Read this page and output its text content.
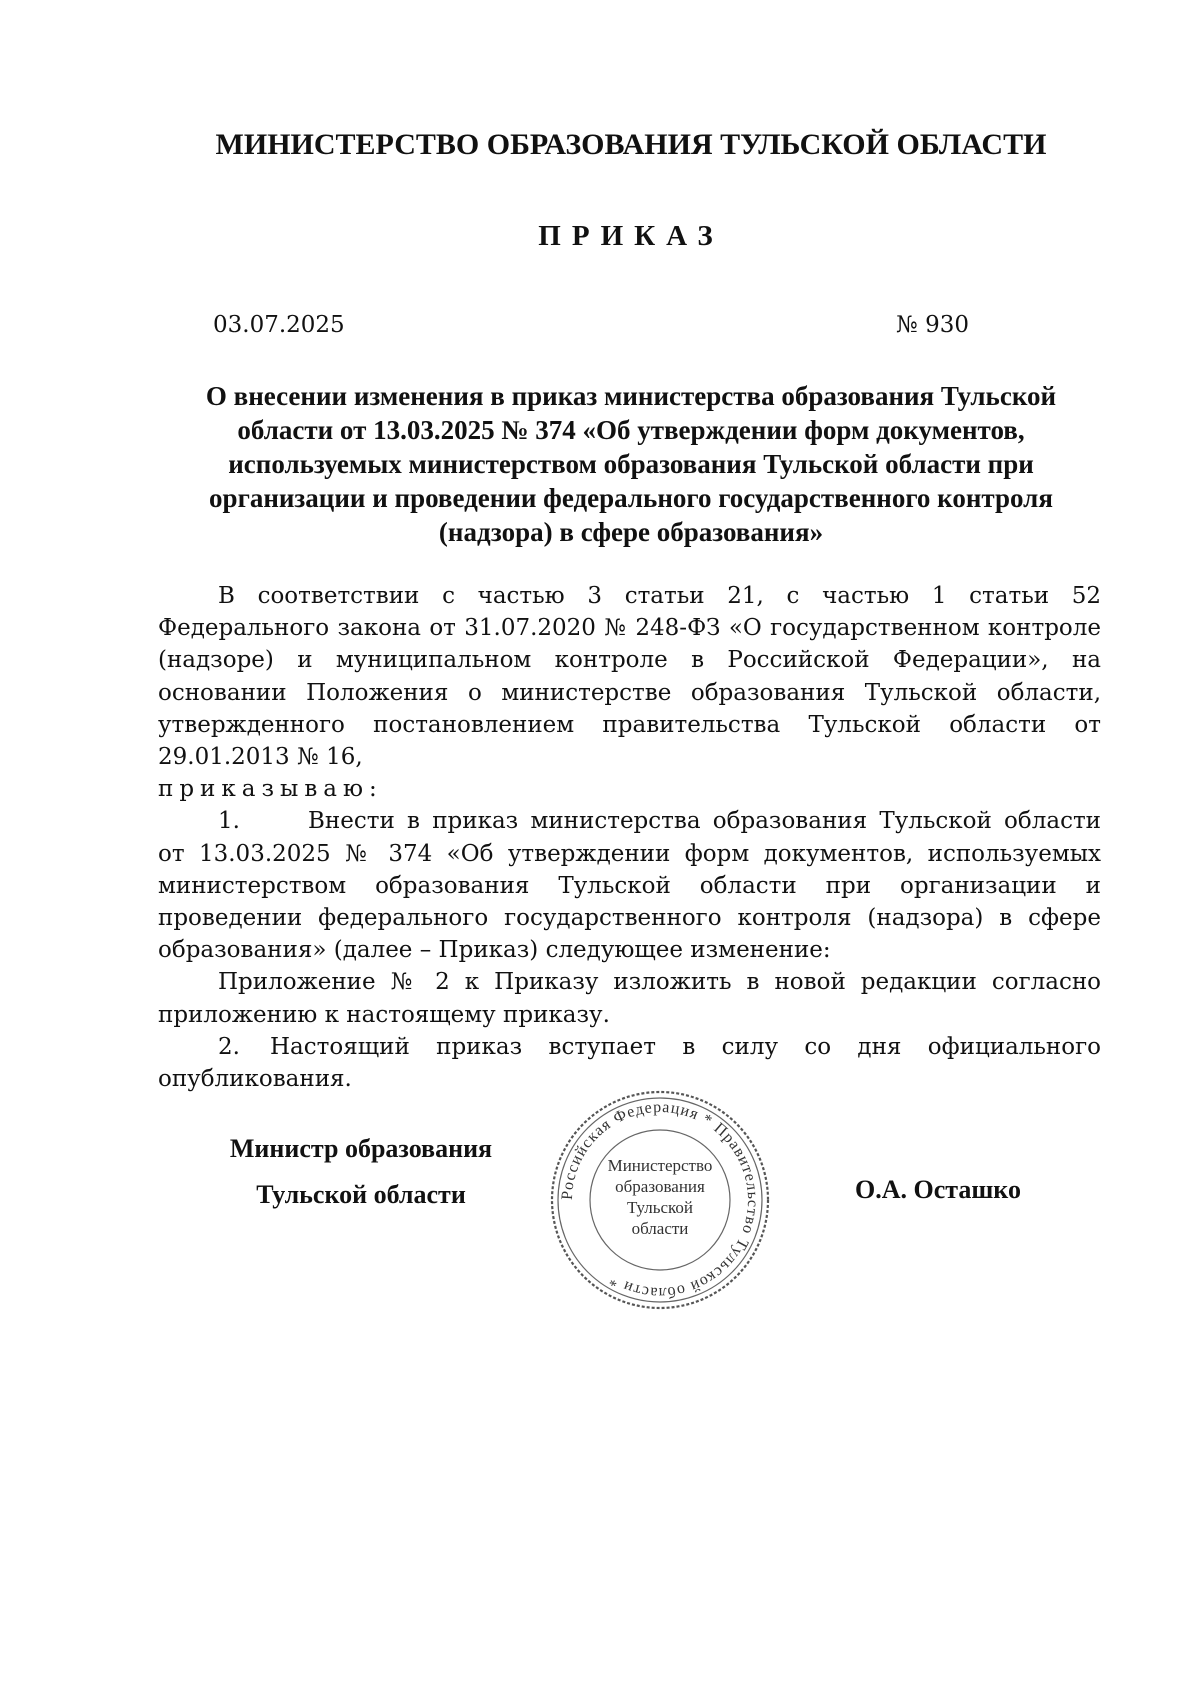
МИНИСТЕРСТВО ОБРАЗОВАНИЯ ТУЛЬСКОЙ ОБЛАСТИ
ПРИКАЗ
03.07.2025	№ 930
О внесении изменения в приказ министерства образования Тульской
области от 13.03.2025 № 374 «Об утверждении форм документов,
используемых министерством образования Тульской области при
организации и проведении федерального государственного контроля
(надзора) в сфере образования»

В соответствии с частью 3 статьи 21, с частью 1 статьи 52 Федерального закона от 31.07.2020 № 248-ФЗ «О государственном контроле (надзоре) и муниципальном контроле в Российской Федерации», на основании Положения о министерстве образования Тульской области, утвержденного постановлением правительства Тульской области от 29.01.2013 № 16,

приказываю:

1.	Внести в приказ министерства образования Тульской области от 13.03.2025 № 374 «Об утверждении форм документов, используемых министерством образования Тульской области при организации и проведении федерального государственного контроля (надзора) в сфере образования» (далее – Приказ) следующее изменение:

Приложение № 2 к Приказу изложить в новой редакции согласно приложению к настоящему приказу.

2. Настоящий приказ вступает в силу со дня официального опубликования.

Министр образования
Тульской области	Российская Федерация * Правительство Тульской области *
Министерство
образования
Тульской
области
О.А. Осташко
